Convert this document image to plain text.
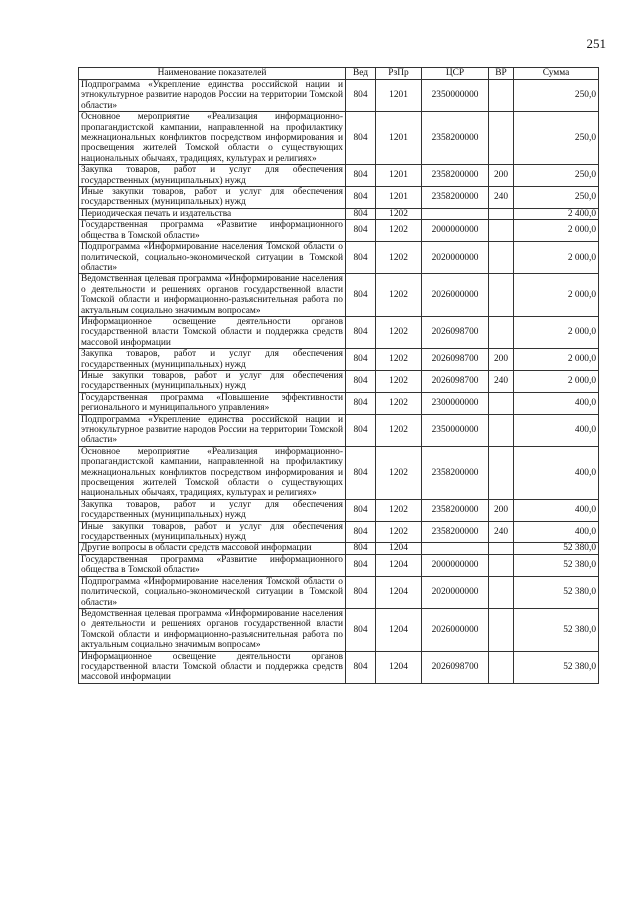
251
Наименование показателей	Вед	РзПр	ЦСР	ВР	Сумма
Подпрограмма «Укрепление единства российской нации и этнокультурное развитие народов России на территории Томской области»	804	1201	2350000000		250,0
Основное мероприятие «Реализация информационно-пропагандистской кампании, направленной на профилактику межнациональных конфликтов посредством информирования и просвещения жителей Томской области о существующих национальных обычаях, традициях, культурах и религиях»	804	1201	2358200000		250,0
Закупка товаров, работ и услуг для обеспечения государственных (муниципальных) нужд	804	1201	2358200000	200	250,0
Иные закупки товаров, работ и услуг для обеспечения государственных (муниципальных) нужд	804	1201	2358200000	240	250,0
Периодическая печать и издательства	804	1202			2 400,0
Государственная программа «Развитие информационного общества в Томской области»	804	1202	2000000000		2 000,0
Подпрограмма «Информирование населения Томской области о политической, социально-экономической ситуации в Томской области»	804	1202	2020000000		2 000,0
Ведомственная целевая программа «Информирование населения о деятельности и решениях органов государственной власти Томской области и информационно-разъяснительная работа по актуальным социально значимым вопросам»	804	1202	2026000000		2 000,0
Информационное освещение деятельности органов государственной власти Томской области и поддержка средств массовой информации	804	1202	2026098700		2 000,0
Закупка товаров, работ и услуг для обеспечения государственных (муниципальных) нужд	804	1202	2026098700	200	2 000,0
Иные закупки товаров, работ и услуг для обеспечения государственных (муниципальных) нужд	804	1202	2026098700	240	2 000,0
Государственная программа «Повышение эффективности регионального и муниципального управления»	804	1202	2300000000		400,0
Подпрограмма «Укрепление единства российской нации и этнокультурное развитие народов России на территории Томской области»	804	1202	2350000000		400,0
Основное мероприятие «Реализация информационно-пропагандистской кампании, направленной на профилактику межнациональных конфликтов посредством информирования и просвещения жителей Томской области о существующих национальных обычаях, традициях, культурах и религиях»	804	1202	2358200000		400,0
Закупка товаров, работ и услуг для обеспечения государственных (муниципальных) нужд	804	1202	2358200000	200	400,0
Иные закупки товаров, работ и услуг для обеспечения государственных (муниципальных) нужд	804	1202	2358200000	240	400,0
Другие вопросы в области средств массовой информации	804	1204			52 380,0
Государственная программа «Развитие информационного общества в Томской области»	804	1204	2000000000		52 380,0
Подпрограмма «Информирование населения Томской области о политической, социально-экономической ситуации в Томской области»	804	1204	2020000000		52 380,0
Ведомственная целевая программа «Информирование населения о деятельности и решениях органов государственной власти Томской области и информационно-разъяснительная работа по актуальным социально значимым вопросам»	804	1204	2026000000		52 380,0
Информационное освещение деятельности органов государственной власти Томской области и поддержка средств массовой информации	804	1204	2026098700		52 380,0
